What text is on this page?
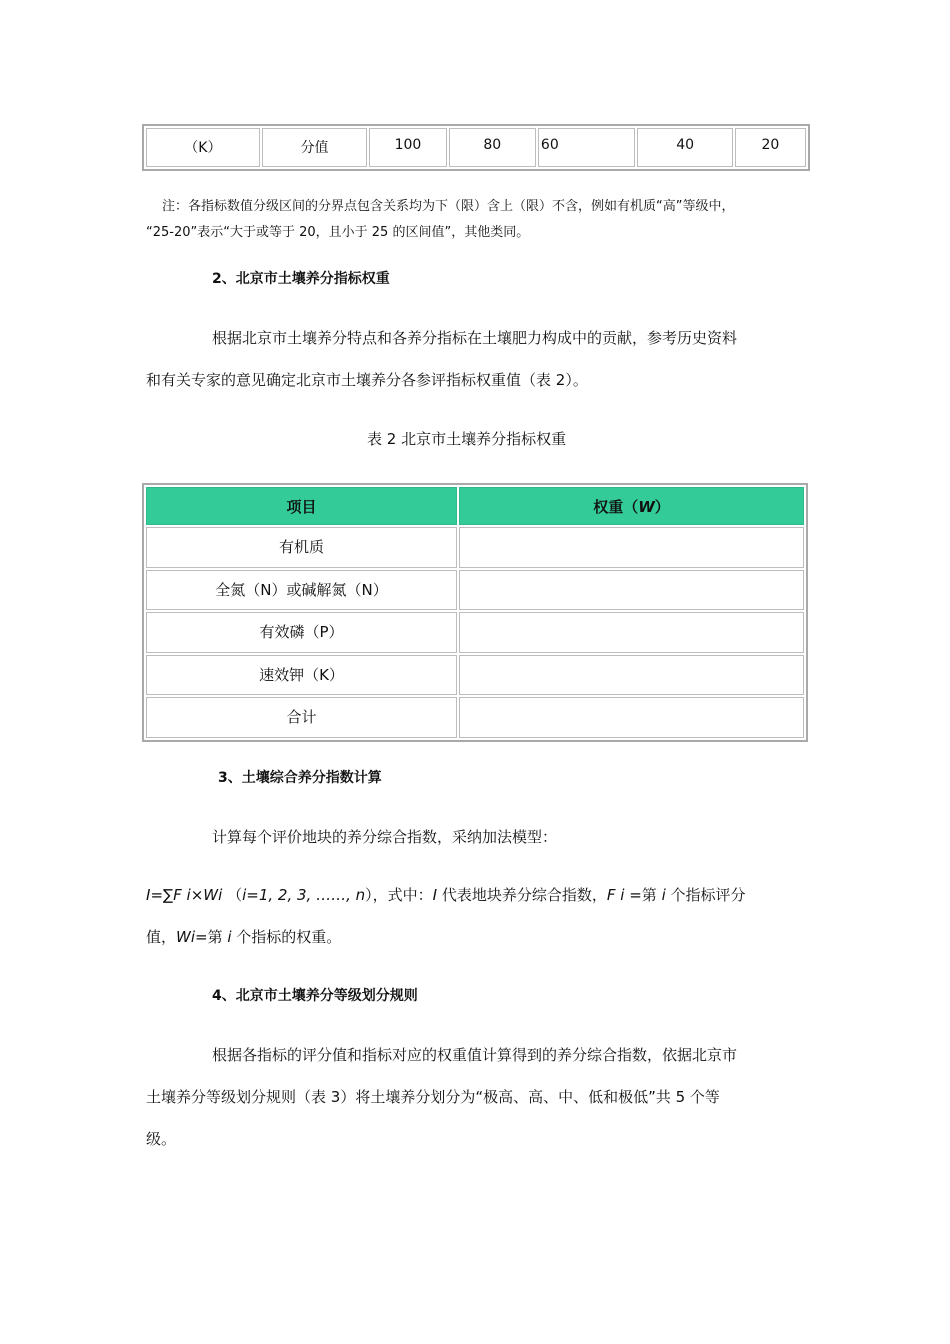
（K）	分值	100	80	60	40	20
注：各指标数值分级区间的分界点包含关系均为下（限）含上（限）不含，例如有机质“高”等级中，
“25-20”表示“大于或等于 20，且小于 25 的区间值”，其他类同。
2、北京市土壤养分指标权重
根据北京市土壤养分特点和各养分指标在土壤肥力构成中的贡献，参考历史资料
和有关专家的意见确定北京市土壤养分各参评指标权重值（表 2）。
表 2 北京市土壤养分指标权重
项目	权重（W）
有机质	
全氮（N）或碱解氮（N）	
有效磷（P）	
速效钾（K）	
合计	
3、土壤综合养分指数计算
计算每个评价地块的养分综合指数，采纳加法模型：
I=∑F i×Wi （i=1, 2, 3, ……, n），式中：I 代表地块养分综合指数，F i =第 i 个指标评分
值，Wi=第 i 个指标的权重。
4、北京市土壤养分等级划分规则
根据各指标的评分值和指标对应的权重值计算得到的养分综合指数，依据北京市
土壤养分等级划分规则（表 3）将土壤养分划分为“极高、高、中、低和极低”共 5 个等
级。
